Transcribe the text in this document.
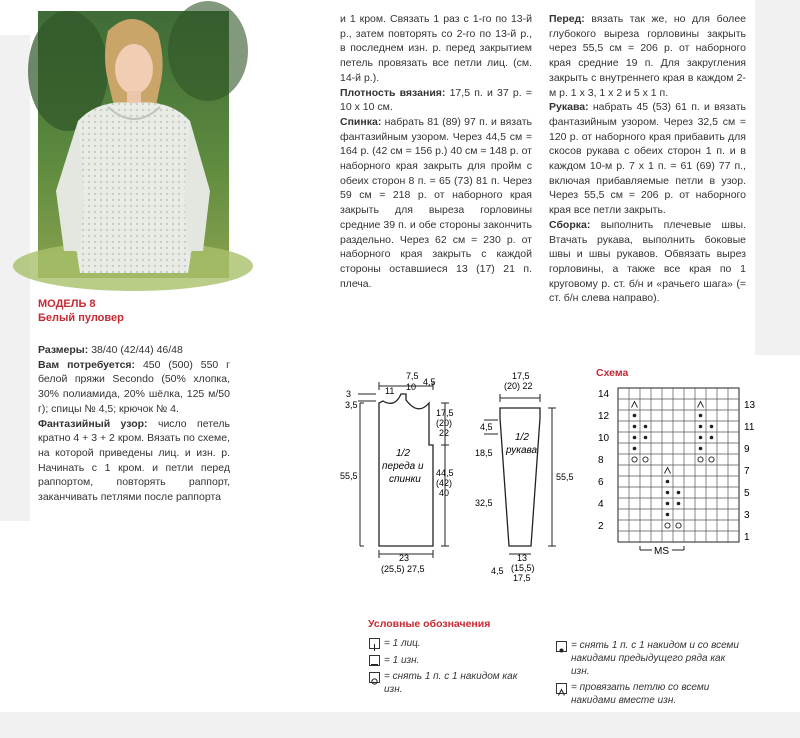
МОДЕЛЬ 8
Белый пуловер

Размеры: 38/40 (42/44) 46/48

Вам потребуется: 450 (500) 550 г белой пряжи Secondo (50% хлопка, 30% полиамида, 20% шёлка, 125 м/50 г); спицы № 4,5; крючок № 4.

Фантазийный узор: число петель кратно 4 + 3 + 2 кром. Вязать по схеме, на которой приведены лиц. и изн. р. Начинать с 1 кром. и петли перед раппортом, повторять раппорт, заканчивать петлями после раппорта

и 1 кром. Связать 1 раз с 1-го по 13-й р., затем повторять со 2-го по 13-й р., в последнем изн. р. перед закрытием петель провязать все петли лиц. (см. 14-й р.).

Плотность вязания: 17,5 п. и 37 р. = 10 х 10 см.

Спинка: набрать 81 (89) 97 п. и вязать фантазийным узором. Через 44,5 см = 164 р. (42 см = 156 р.) 40 см = 148 р. от наборного края закрыть для пройм с обеих сторон 8 п. = 65 (73) 81 п. Через 59 см = 218 р. от наборного края закрыть для выреза горловины средние 39 п. и обе стороны закончить раздельно. Через 62 см = 230 р. от наборного края закрыть с каждой стороны оставшиеся 13 (17) 21 п. плеча.

Перед: вязать так же, но для более глубокого выреза горловины закрыть через 55,5 см = 206 р. от наборного края средние 19 п. Для закругления закрыть с внутреннего края в каждом 2-м р. 1 х 3, 1 х 2 и 5 х 1 п.

Рукава: набрать 45 (53) 61 п. и вязать фантазийным узором. Через 32,5 см = 120 р. от наборного края прибавить для скосов рукава с обеих сторон 1 п. и в каждом 10-м р. 7 х 1 п. = 61 (69) 77 п., включая прибавляемые петли в узор. Через 55,5 см = 206 р. от наборного края все петли закрыть.

Сборка: выполнить плечевые швы. Втачать рукава, выполнить боковые швы и швы рукавов. Обвязать вырез горловины, а также все края по 1 круговому р. ст. б/н и «рачьего шага» (= ст. б/н слева направо).

11
7,5
10 4,5
3
3,5
55,5
17,5
(20)
22
44,5
(42)
40
23
(25,5) 27,5
1/2
переда и
спинки
17,5
(20) 22
4,5
18,5
32,5
55,5
13
(15,5)
17,5
4,5
1/2
рукава
Схема
14
12
10
8
6
4
2
13
11
9
7
5
3
1
MS
Условные обозначения
= 1 лиц.
= 1 изн.
= снять 1 п. с 1 накидом как изн.
= снять 1 п. с 1 накидом и со всеми накидами предыдущего ряда как изн.
= провязать петлю со всеми накидами вместе изн.
